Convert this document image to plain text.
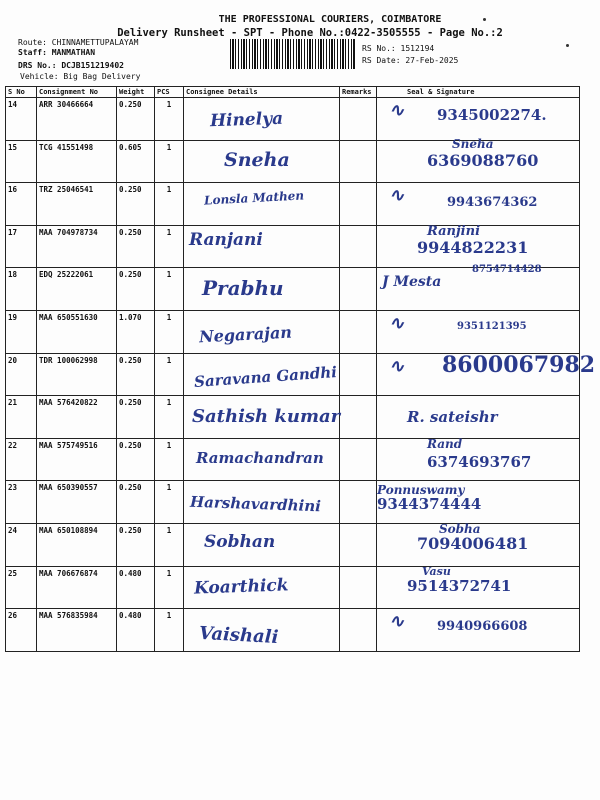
THE PROFESSIONAL COURIERS, COIMBATORE
Delivery Runsheet - SPT - Phone No.:0422-3505555 - Page No.:2
Route: CHINNAMETTUPALAYAM
Staff: MANMATHAN
DRS No.: DCJB151219402
Vehicle: Big Bag Delivery
RS No.: 1512194
RS Date: 27-Feb-2025
S No	Consignment No	Weight	PCS	Consignee Details	Remarks	Seal & Signature
14	ARR 30466664	0.250	1	Hinelya		∿ 9345002274.

15	TCG 41551498	0.605	1	Sneha		Sneha
6369088760

16	TRZ 25046541	0.250	1	Lonsla Mathen		∿ 9943674362

17	MAA 704978734	0.250	1	Ranjani		Ranjini
9944822231

18	EDQ 25222061	0.250	1	Prabhu		J Mesta
8754714428

19	MAA 650551630	1.070	1	Negarajan		∿ 9351121395

20	TDR 100062998	0.250	1	Saravana Gandhi		∿ 8600067982

21	MAA 576420822	0.250	1	Sathish kumar		R. sateishr

22	MAA 575749516	0.250	1	Ramachandran		Rand
6374693767

23	MAA 650390557	0.250	1	Harshavardhini		Ponnuswamy
9344374444

24	MAA 650108894	0.250	1	Sobhan		Sobha
7094006481

25	MAA 706676874	0.480	1	Koarthick		Vasu
9514372741

26	MAA 576835984	0.480	1	Vaishali		∿ 9940966608
